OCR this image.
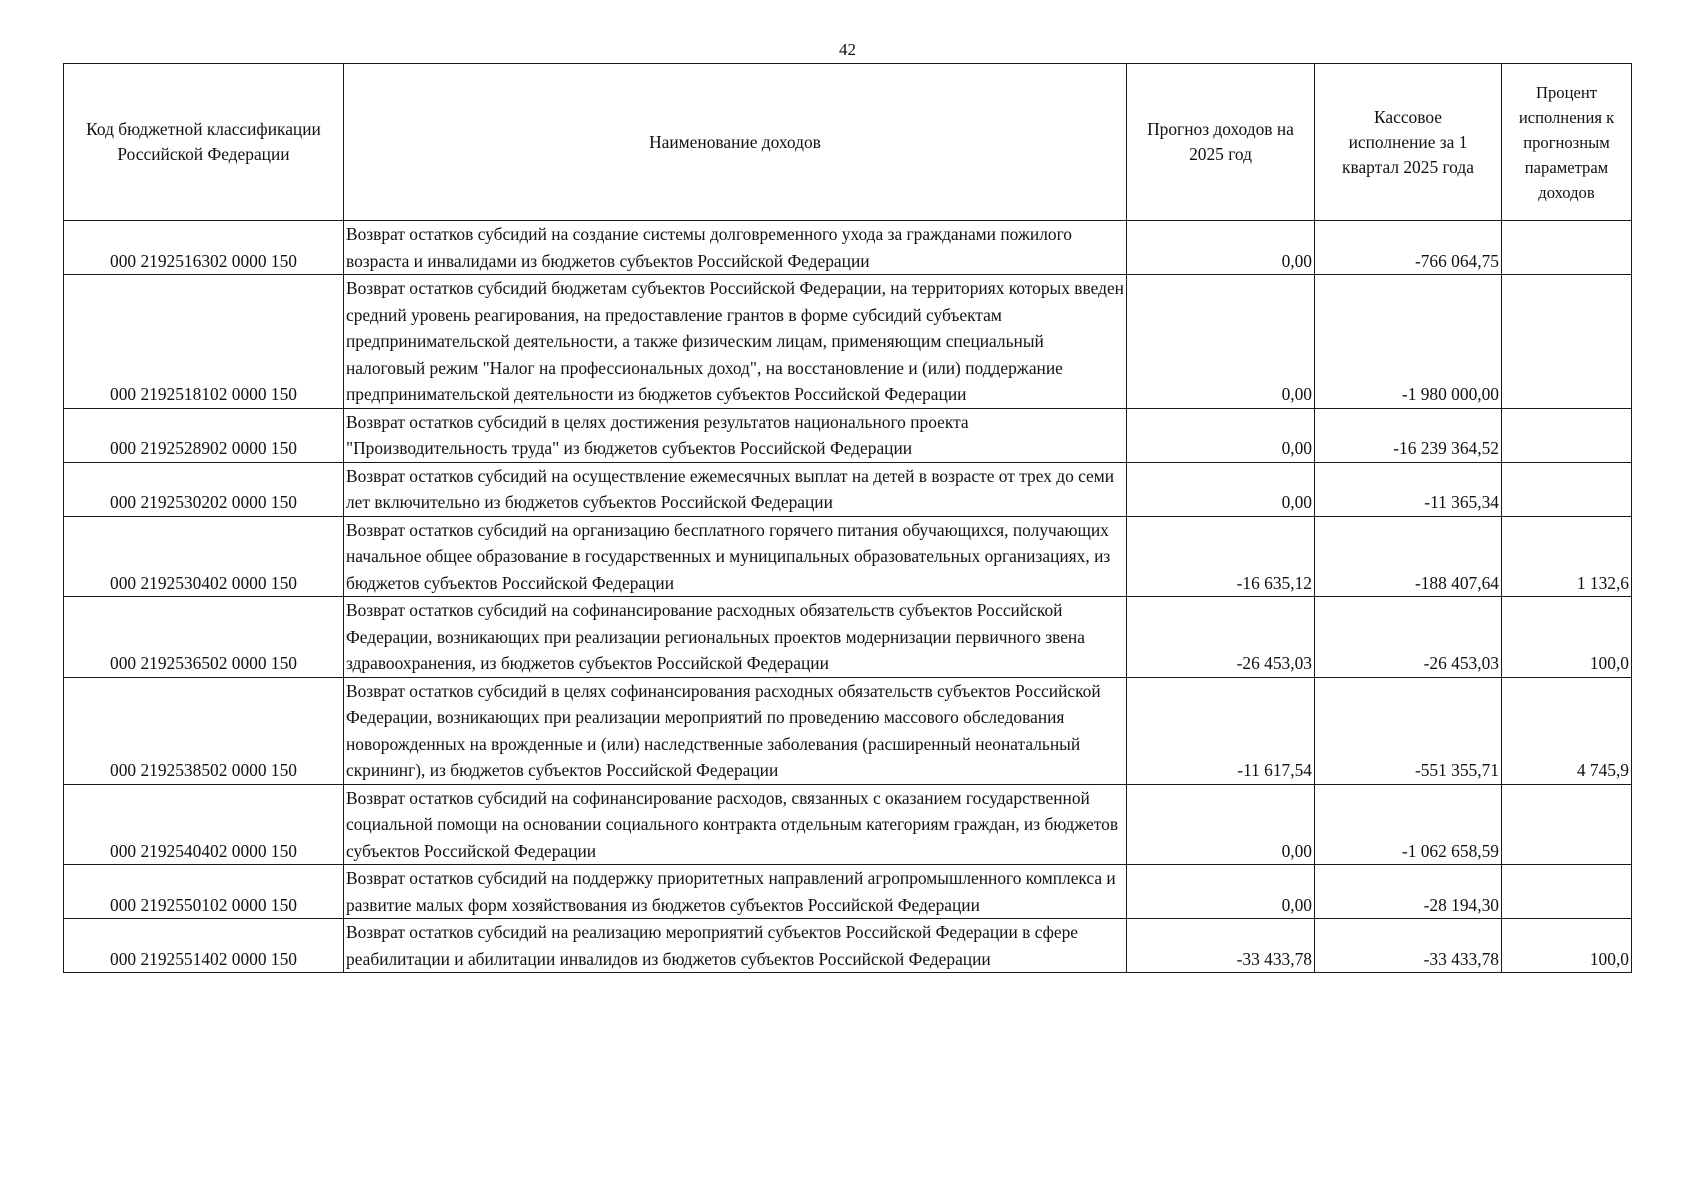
42
Код бюджетной классификации Российской Федерации	Наименование доходов	Прогноз доходов на 2025 год	Кассовое исполнение за 1 квартал 2025 года	Процент исполнения к прогнозным параметрам доходов
000 2192516302 0000 150	Возврат остатков субсидий на создание системы долговременного ухода за гражданами пожилого возраста и инвалидами из бюджетов субъектов Российской Федерации	0,00	-766 064,75	
000 2192518102 0000 150	Возврат остатков субсидий бюджетам субъектов Российской Федерации, на территориях которых введен средний уровень реагирования, на предоставление грантов в форме субсидий субъектам предпринимательской деятельности, а также физическим лицам, применяющим специальный налоговый режим "Налог на профессиональных доход", на восстановление и (или) поддержание предпринимательской деятельности из бюджетов субъектов Российской Федерации	0,00	-1 980 000,00	
000 2192528902 0000 150	Возврат остатков субсидий в целях достижения результатов национального проекта "Производительность труда" из бюджетов субъектов Российской Федерации	0,00	-16 239 364,52	
000 2192530202 0000 150	Возврат остатков субсидий на осуществление ежемесячных выплат на детей в возрасте от трех до семи лет включительно из бюджетов субъектов Российской Федерации	0,00	-11 365,34	
000 2192530402 0000 150	Возврат остатков субсидий на организацию бесплатного горячего питания обучающихся, получающих начальное общее образование в государственных и муниципальных образовательных организациях, из бюджетов субъектов Российской Федерации	-16 635,12	-188 407,64	1 132,6
000 2192536502 0000 150	Возврат остатков субсидий на софинансирование расходных обязательств субъектов Российской Федерации, возникающих при реализации региональных проектов модернизации первичного звена здравоохранения, из бюджетов субъектов Российской Федерации	-26 453,03	-26 453,03	100,0
000 2192538502 0000 150	Возврат остатков субсидий в целях софинансирования расходных обязательств субъектов Российской Федерации, возникающих при реализации мероприятий по проведению массового обследования новорожденных на врожденные и (или) наследственные заболевания (расширенный неонатальный скрининг), из бюджетов субъектов Российской Федерации	-11 617,54	-551 355,71	4 745,9
000 2192540402 0000 150	Возврат остатков субсидий на софинансирование расходов, связанных с оказанием государственной социальной помощи на основании социального контракта отдельным категориям граждан, из бюджетов субъектов Российской Федерации	0,00	-1 062 658,59	
000 2192550102 0000 150	Возврат остатков субсидий на поддержку приоритетных направлений агропромышленного комплекса и развитие малых форм хозяйствования из бюджетов субъектов Российской Федерации	0,00	-28 194,30	
000 2192551402 0000 150	Возврат остатков субсидий на реализацию мероприятий субъектов Российской Федерации в сфере реабилитации и абилитации инвалидов из бюджетов субъектов Российской Федерации	-33 433,78	-33 433,78	100,0
